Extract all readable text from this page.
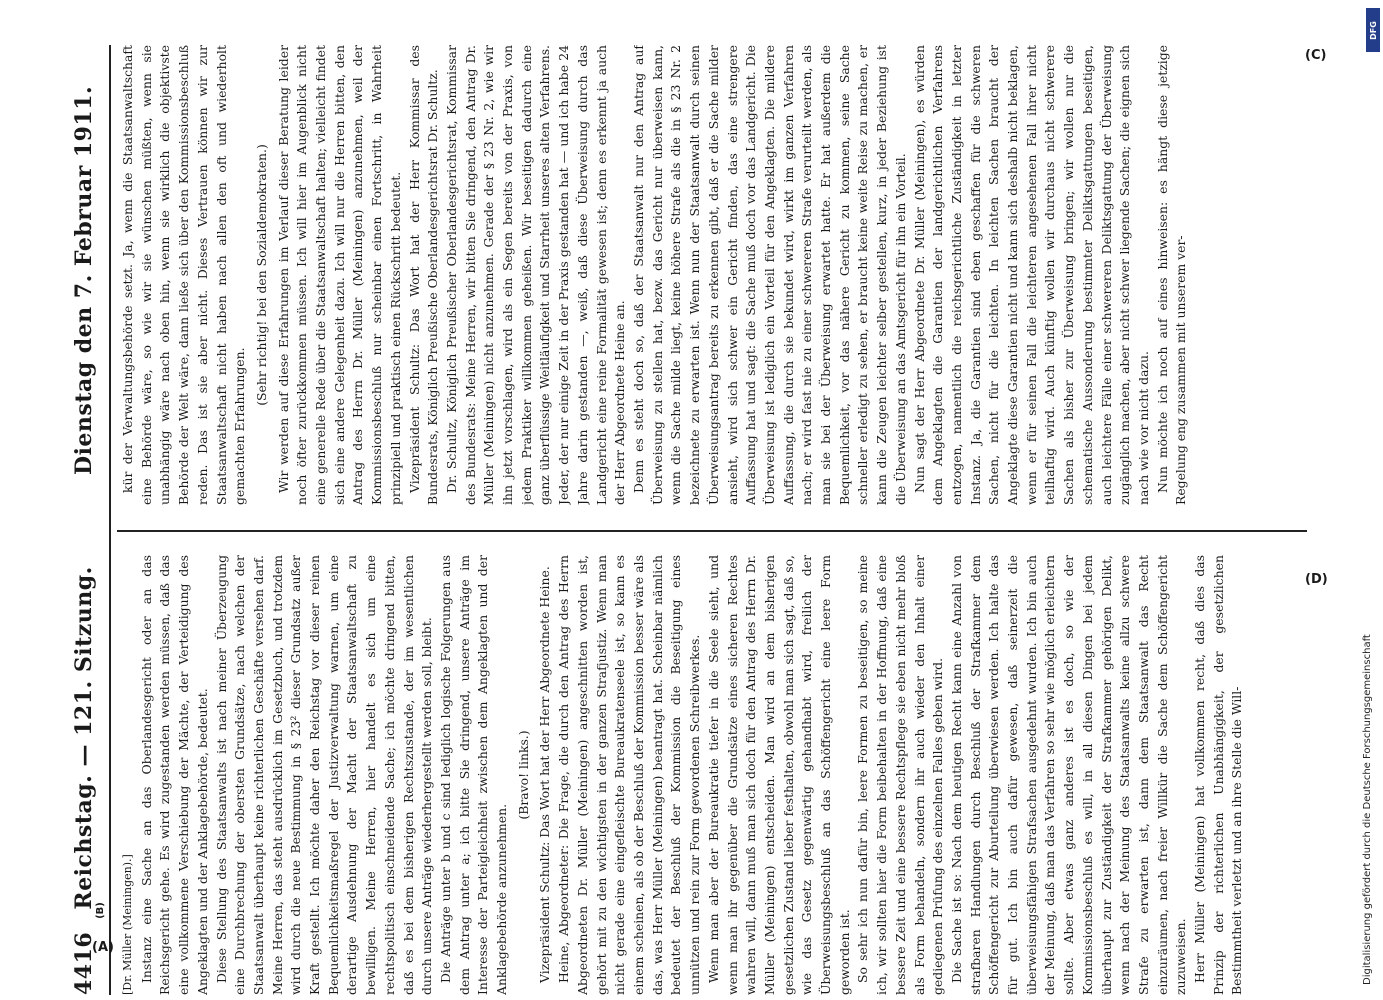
4416 Reichstag. — 121. Sitzung.
Dienstag den 7. Februar 1911.

[Dr. Müller (Meiningen).] Instanz eine Sache an das Oberlandesgericht oder an das Reichsgericht gehe. Es wird zugestanden werden müssen, daß das eine vollkommene Verschiebung der Mächte, der Verteidigung des Angeklagten und der Anklagebehörde, bedeutet. Diese Stellung des Staatsanwalts ist nach meiner Überzeugung eine Durchbrechung der obersten Grundsätze, nach welchen der Staatsanwalt überhaupt keine richterlichen Geschäfte versehen darf. Meine Herren, das steht ausdrücklich im Gesetzbuch, und trotzdem wird durch die neue Bestimmung in § 23² dieser Grundsatz außer Kraft gestellt. Ich möchte daher den Reichstag vor dieser reinen Bequemlichkeitsmaßregel der Justizverwaltung warnen, um eine derartige Ausdehnung der Macht der Staatsanwaltschaft zu bewilligen. Meine Herren, hier handelt es sich um eine rechtspolitisch einschneidende Sache; ich möchte dringend bitten, daß es bei dem bisherigen Rechtszustande, der im wesentlichen durch unsere Anträge wiederhergestellt werden soll, bleibt. Die Anträge unter b und c sind lediglich logische Folgerungen aus dem Antrag unter a; ich bitte Sie dringend, unsere Anträge im Interesse der Parteigleichheit zwischen dem Angeklagten und der Anklagebehörde anzunehmen.

(Bravo! links.) Vizepräsident Schultz: Das Wort hat der Herr Abgeordnete Heine. Heine, Abgeordneter: Die Frage, die durch den Antrag des Herrn Abgeordneten Dr. Müller (Meiningen) angeschnitten worden ist, gehört mit zu den wichtigsten in der ganzen Strafjustiz. Wenn man nicht gerade eine eingefleischte Bureaukratenseele ist, so kann es einem scheinen, als ob der Beschluß der Kommission besser wäre als das, was Herr Müller (Meiningen) beantragt hat. Scheinbar nämlich bedeutet der Beschluß der Kommission die Beseitigung eines unnützen und rein zur Form gewordenen Schreibwerkes. Wenn man aber der Bureaukratie tiefer in die Seele sieht, und wenn man ihr gegenüber die Grundsätze eines sicheren Rechtes wahren will, dann muß man sich doch für den Antrag des Herrn Dr. Müller (Meiningen) entscheiden. Man wird an dem bisherigen gesetzlichen Zustand lieber festhalten, obwohl man sich sagt, daß so, wie das Gesetz gegenwärtig gehandhabt wird, freilich der Überweisungsbeschluß an das Schöffengericht eine leere Form geworden ist. So sehr ich nun dafür bin, leere Formen zu beseitigen, so meine ich, wir sollten hier die Form beibehalten in der Hoffnung, daß eine bessere Zeit und eine bessere Rechtspflege sie eben nicht mehr bloß als Form behandeln, sondern ihr auch wieder den Inhalt einer gediegenen Prüfung des einzelnen Falles geben wird. Die Sache ist so: Nach dem heutigen Recht kann eine Anzahl von strafbaren Handlungen durch Beschluß der Strafkammer dem Schöffengericht zur Aburteilung überwiesen werden. Ich halte das für gut. Ich bin auch dafür gewesen, daß seinerzeit die überweisungsfähigen Strafsachen ausgedehnt wurden. Ich bin auch der Meinung, daß man das Verfahren so sehr wie möglich erleichtern sollte. Aber etwas ganz anderes ist es doch, so wie der Kommissionsbeschluß es will, in all diesen Dingen bei jedem überhaupt zur Zuständigkeit der Strafkammer gehörigen Delikt, wenn nach der Meinung des Staatsanwalts keine allzu schwere Strafe zu erwarten ist, dann dem Staatsanwalt das Recht einzuräumen, nach freier Willkür die Sache dem Schöffengericht zuzuweisen. Herr Müller (Meiningen) hat vollkommen recht, daß dies das Prinzip der richterlichen Unabhängigkeit, der gesetzlichen Bestimmtheit verletzt und an ihre Stelle die Will-

kür der Verwaltungsbehörde setzt. Ja, wenn die Staatsanwaltschaft eine Behörde wäre, so wie wir sie wünschen müßten, wenn sie unabhängig wäre nach oben hin, wenn sie wirklich die objektivste Behörde der Welt wäre, dann ließe sich über den Kommissionsbeschluß reden. Das ist sie aber nicht. Dieses Vertrauen können wir zur Staatsanwaltschaft nicht haben nach allen den oft und wiederholt gemachten Erfahrungen.

(Sehr richtig! bei den Sozialdemokraten.) Wir werden auf diese Erfahrungen im Verlauf dieser Beratung leider noch öfter zurückkommen müssen. Ich will hier im Augenblick nicht eine generelle Rede über die Staatsanwaltschaft halten; vielleicht findet sich eine andere Gelegenheit dazu. Ich will nur die Herren bitten, den Antrag des Herrn Dr. Müller (Meiningen) anzunehmen, weil der Kommissionsbeschluß nur scheinbar einen Fortschritt, in Wahrheit prinzipiell und praktisch einen Rückschritt bedeutet. Vizepräsident Schultz: Das Wort hat der Herr Kommissar des Bundesrats, Königlich Preußische Oberlandesgerichtsrat Dr. Schultz. Dr. Schultz, Königlich Preußischer Oberlandesgerichtsrat, Kommissar des Bundesrats: Meine Herren, wir bitten Sie dringend, den Antrag Dr. Müller (Meiningen) nicht anzunehmen. Gerade der § 23 Nr. 2, wie wir ihn jetzt vorschlagen, wird als ein Segen bereits von der Praxis, von jedem Praktiker willkommen geheißen. Wir beseitigen dadurch eine ganz überflüssige Weitläufigkeit und Starrheit unseres alten Verfahrens. Jeder, der nur einige Zeit in der Praxis gestanden hat — und ich habe 24 Jahre darin gestanden —, weiß, daß diese Überweisung durch das Landgericht eine reine Formalität gewesen ist; denn es erkennt ja auch der Herr Abgeordnete Heine an. Denn es steht doch so, daß der Staatsanwalt nur den Antrag auf Überweisung zu stellen hat, bezw. das Gericht nur überweisen kann, wenn die Sache milde liegt, keine höhere Strafe als die in § 23 Nr. 2 bezeichnete zu erwarten ist. Wenn nun der Staatsanwalt durch seinen Überweisungsantrag bereits zu erkennen gibt, daß er die Sache milder ansieht, wird sich schwer ein Gericht finden, das eine strengere Auffassung hat und sagt: die Sache muß doch vor das Landgericht. Die Überweisung ist lediglich ein Vorteil für den Angeklagten. Die mildere Auffassung, die durch sie bekundet wird, wirkt im ganzen Verfahren nach; er wird fast nie zu einer schwereren Strafe verurteilt werden, als man sie bei der Überweisung erwartet hatte. Er hat außerdem die Bequemlichkeit, vor das nähere Gericht zu kommen, seine Sache schneller erledigt zu sehen, er braucht keine weite Reise zu machen, er kann die Zeugen leichter selber gestellen, kurz, in jeder Beziehung ist die Überweisung an das Amtsgericht für ihn ein Vorteil. Nun sagt der Herr Abgeordnete Dr. Müller (Meiningen), es würden dem Angeklagten die Garantien der landgerichtlichen Verfahrens entzogen, namentlich die reichsgerichtliche Zuständigkeit in letzter Instanz. Ja, die Garantien sind eben geschaffen für die schweren Sachen, nicht für die leichten. In leichten Sachen braucht der Angeklagte diese Garantien nicht und kann sich deshalb nicht beklagen, wenn er für seinen Fall die leichteren angesehenen Fall ihrer nicht teilhaftig wird. Auch künftig wollen wir durchaus nicht schwerere Sachen als bisher zur Überweisung bringen; wir wollen nur die schematische Aussonderung bestimmter Deliktsgattungen beseitigen, auch leichtere Fälle einer schwereren Deliktsgattung der Überweisung zugänglich machen, aber nicht schwer liegende Sachen; die eignen sich nach wie vor nicht dazu. Nun möchte ich noch auf eines hinweisen: es hängt diese jetzige Regelung eng zusammen mit unserem ver-

(A)
(B)
(C)
(D)
Digitalisierung gefördert durch die Deutsche Forschungsgemeinschaft
DFG
